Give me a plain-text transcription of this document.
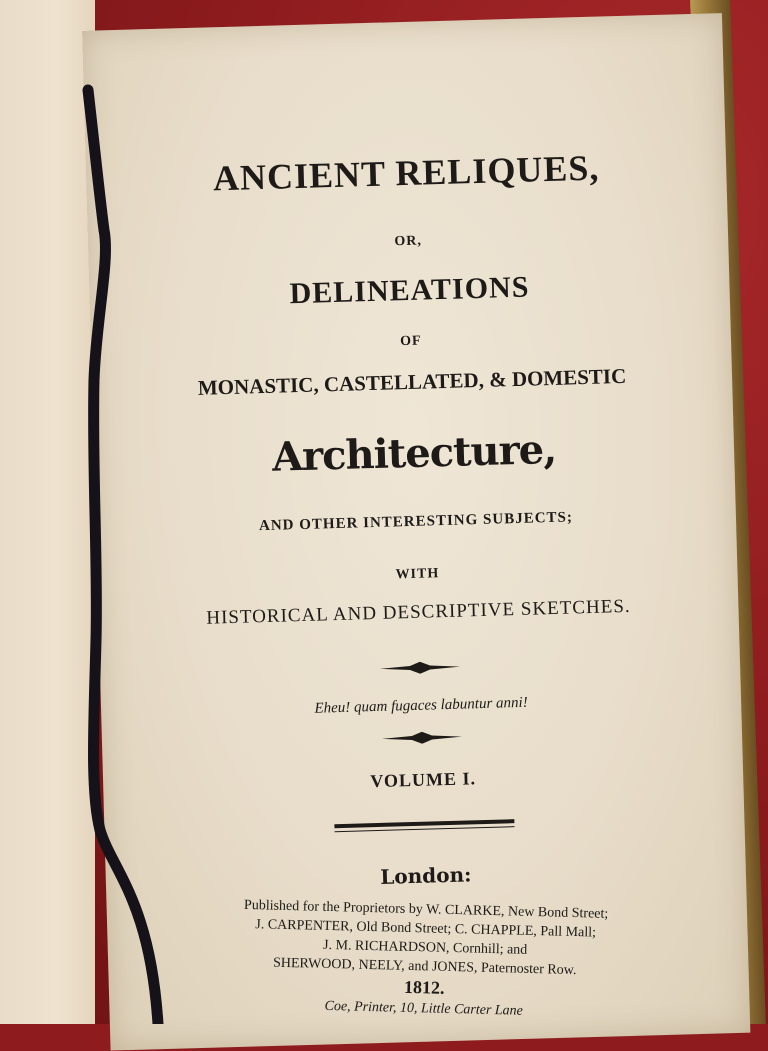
ANCIENT RELIQUES,
OR,
DELINEATIONS
OF
MONASTIC, CASTELLATED, & DOMESTIC
Architecture,
AND OTHER INTERESTING SUBJECTS;
WITH
HISTORICAL AND DESCRIPTIVE SKETCHES.
Eheu! quam fugaces labuntur anni!
VOLUME I.
London:
Published for the Proprietors by W. CLARKE, New Bond Street;
J. CARPENTER, Old Bond Street; C. CHAPPLE, Pall Mall;
J. M. RICHARDSON, Cornhill; and
SHERWOOD, NEELY, and JONES, Paternoster Row.
1812.
Coe, Printer, 10, Little Carter Lane
